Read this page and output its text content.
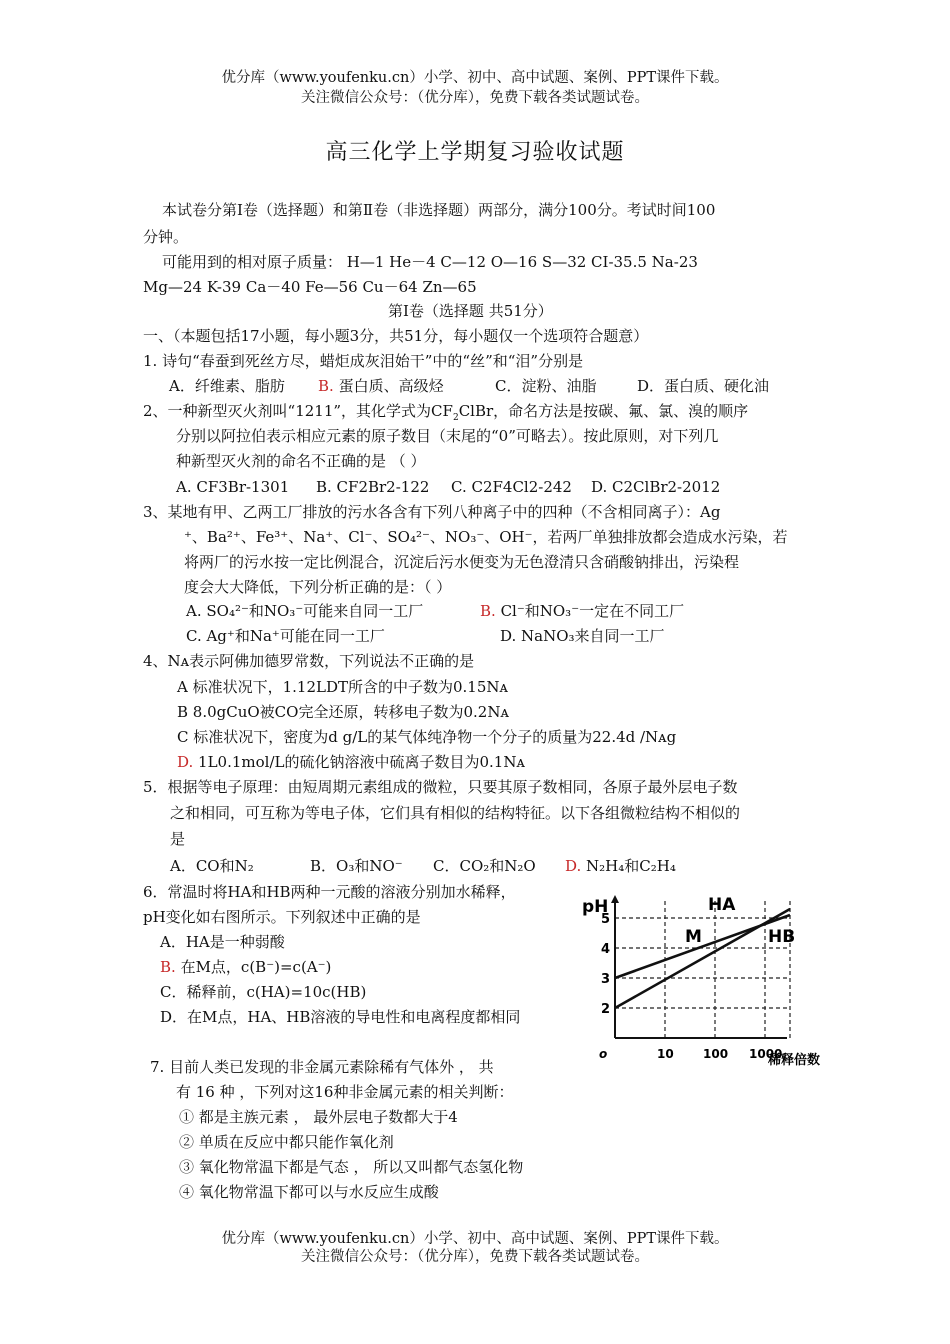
优分库（www.youfenku.cn）小学、初中、高中试题、案例、PPT课件下载。
关注微信公众号：（优分库），免费下载各类试题试卷。
高三化学上学期复习验收试题
本试卷分第Ⅰ卷（选择题）和第Ⅱ卷（非选择题）两部分，满分100分。考试时间100
分钟。
可能用到的相对原子质量： H—1 He－4 C—12 O—16 S—32 CI-35.5 Na-23
Mg—24 K-39 Ca－40 Fe—56 Cu－64 Zn—65
第Ⅰ卷（选择题 共51分）
一、（本题包括17小题，每小题3分，共51分，每小题仅一个选项符合题意）
1. 诗句“春蚕到死丝方尽，蜡炬成灰泪始干”中的“丝”和“泪”分别是
A．纤维素、脂肪 B. 蛋白质、高级烃	C．淀粉、油脂	D．蛋白质、硬化油
2、一种新型灭火剂叫“1211”，其化学式为$CF_2ClBr$，命名方法是按碳、氟、氯、溴的顺序
分别以阿拉伯表示相应元素的原子数目（末尾的“0”可略去）。按此原则，对下列几
种新型灭火剂的命名不正确的是 （ ）
A. CF3Br-1301 B. CF2Br2-122 C. C2F4Cl2-242 D. C2ClBr2-2012
3、某地有甲、乙两工厂排放的污水各含有下列八种离子中的四种（不含相同离子）：Ag
⁺、Ba²⁺、Fe³⁺、Na⁺、Cl⁻、SO₄²⁻、NO₃⁻、OH⁻，若两厂单独排放都会造成水污染，若
将两厂的污水按一定比例混合，沉淀后污水便变为无色澄清只含硝酸钠排出，污染程
度会大大降低，下列分析正确的是：（ ）
A. SO₄²⁻和NO₃⁻可能来自同一工厂	B. Cl⁻和NO₃⁻一定在不同工厂
C. Ag⁺和Na⁺可能在同一工厂	D. NaNO₃来自同一工厂
4、Nᴀ表示阿佛加德罗常数，下列说法不正确的是
A 标准状况下，1.12LDT所含的中子数为0.15Nᴀ
B 8.0gCuO被CO完全还原，转移电子数为0.2Nᴀ
C 标准状况下，密度为d g/L的某气体纯净物一个分子的质量为22.4d /Nᴀg
D. 1L0.1mol/L的硫化钠溶液中硫离子数目为0.1Nᴀ
5．根据等电子原理：由短周期元素组成的微粒，只要其原子数相同，各原子最外层电子数
之和相同，可互称为等电子体，它们具有相似的结构特征。以下各组微粒结构不相似的
是
A．CO和N₂	B．O₃和NO⁻ C．CO₂和N₂O D. N₂H₄和C₂H₄
6．常温时将HA和HB两种一元酸的溶液分别加水稀释，
pH变化如右图所示。下列叙述中正确的是
A．HA是一种弱酸
B. 在M点，c(B⁻)=c(A⁻)
C．稀释前，c(HA)=10c(HB)
D．在M点，HA、HB溶液的导电性和电离程度都相同	2
3
4
5
o	10 100 1000
HA
HB
M
pH
稀释倍数
7. 目前人类已发现的非金属元素除稀有气体外 ， 共
有 16 种 ，下列对这16种非金属元素的相关判断：
① 都是主族元素 ， 最外层电子数都大于4
② 单质在反应中都只能作氧化剂
③ 氧化物常温下都是气态 ， 所以又叫都气态氢化物
④ 氧化物常温下都可以与水反应生成酸
优分库（www.youfenku.cn）小学、初中、高中试题、案例、PPT课件下载。
关注微信公众号：（优分库），免费下载各类试题试卷。
